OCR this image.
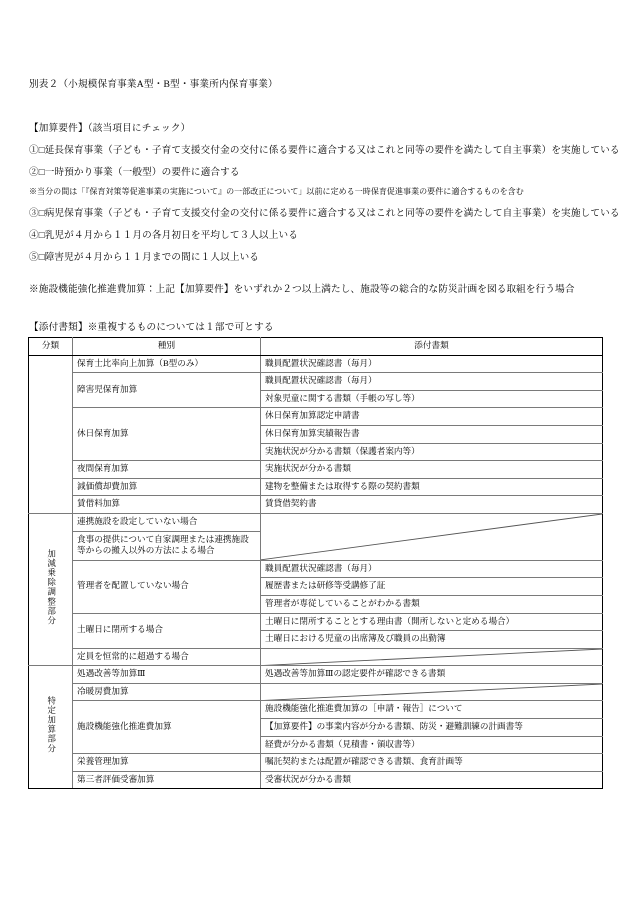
別表２（小規模保育事業A型・B型・事業所内保育事業）
【加算要件】（該当項目にチェック）
①□延長保育事業（子ども・子育て支援交付金の交付に係る要件に適合する又はこれと同等の要件を満たして自主事業）を実施している
②□一時預かり事業（一般型）の要件に適合する
※当分の間は「『保育対策等促進事業の実施について』の一部改正について」以前に定める一時保育促進事業の要件に適合するものを含む
③□病児保育事業（子ども・子育て支援交付金の交付に係る要件に適合する又はこれと同等の要件を満たして自主事業）を実施している
④□乳児が４月から１１月の各月初日を平均して３人以上いる
⑤□障害児が４月から１１月までの間に１人以上いる
※施設機能強化推進費加算：上記【加算要件】をいずれか２つ以上満たし、施設等の総合的な防災計画を図る取組を行う場合
【添付書類】※重複するものについては１部で可とする
分類	種別	添付書類
	保育士比率向上加算（B型のみ）	職員配置状況確認書（毎月）
	障害児保育加算	職員配置状況確認書（毎月）
		対象児童に関する書類（手帳の写し等）
	休日保育加算	休日保育加算認定申請書
		休日保育加算実績報告書
		実施状況が分かる書類（保護者案内等）
	夜間保育加算	実施状況が分かる書類
	減価償却費加算	建物を整備または取得する際の契約書類
	賃借料加算	賃貸借契約書
加減乗除調整部分	連携施設を設定していない場合	

	食事の提供について自家調理または連携施設等からの搬入以外の方法による場合	
	管理者を配置していない場合	職員配置状況確認書（毎月）
		履歴書または研修等受講修了証
		管理者が専従していることがわかる書類
	土曜日に閉所する場合	土曜日に閉所することとする理由書（開所しないと定める場合）
		土曜日における児童の出席簿及び職員の出勤簿
	定員を恒常的に超過する場合	

特定加算部分	処遇改善等加算Ⅲ	処遇改善等加算Ⅲの認定要件が確認できる書類
	冷暖房費加算	

	施設機能強化推進費加算	施設機能強化推進費加算の［申請・報告］について
		【加算要件】の事業内容が分かる書類、防災・避難訓練の計画書等
		経費が分かる書類（見積書・領収書等）
	栄養管理加算	嘱託契約または配置が確認できる書類、食育計画等
	第三者評価受審加算	受審状況が分かる書類
